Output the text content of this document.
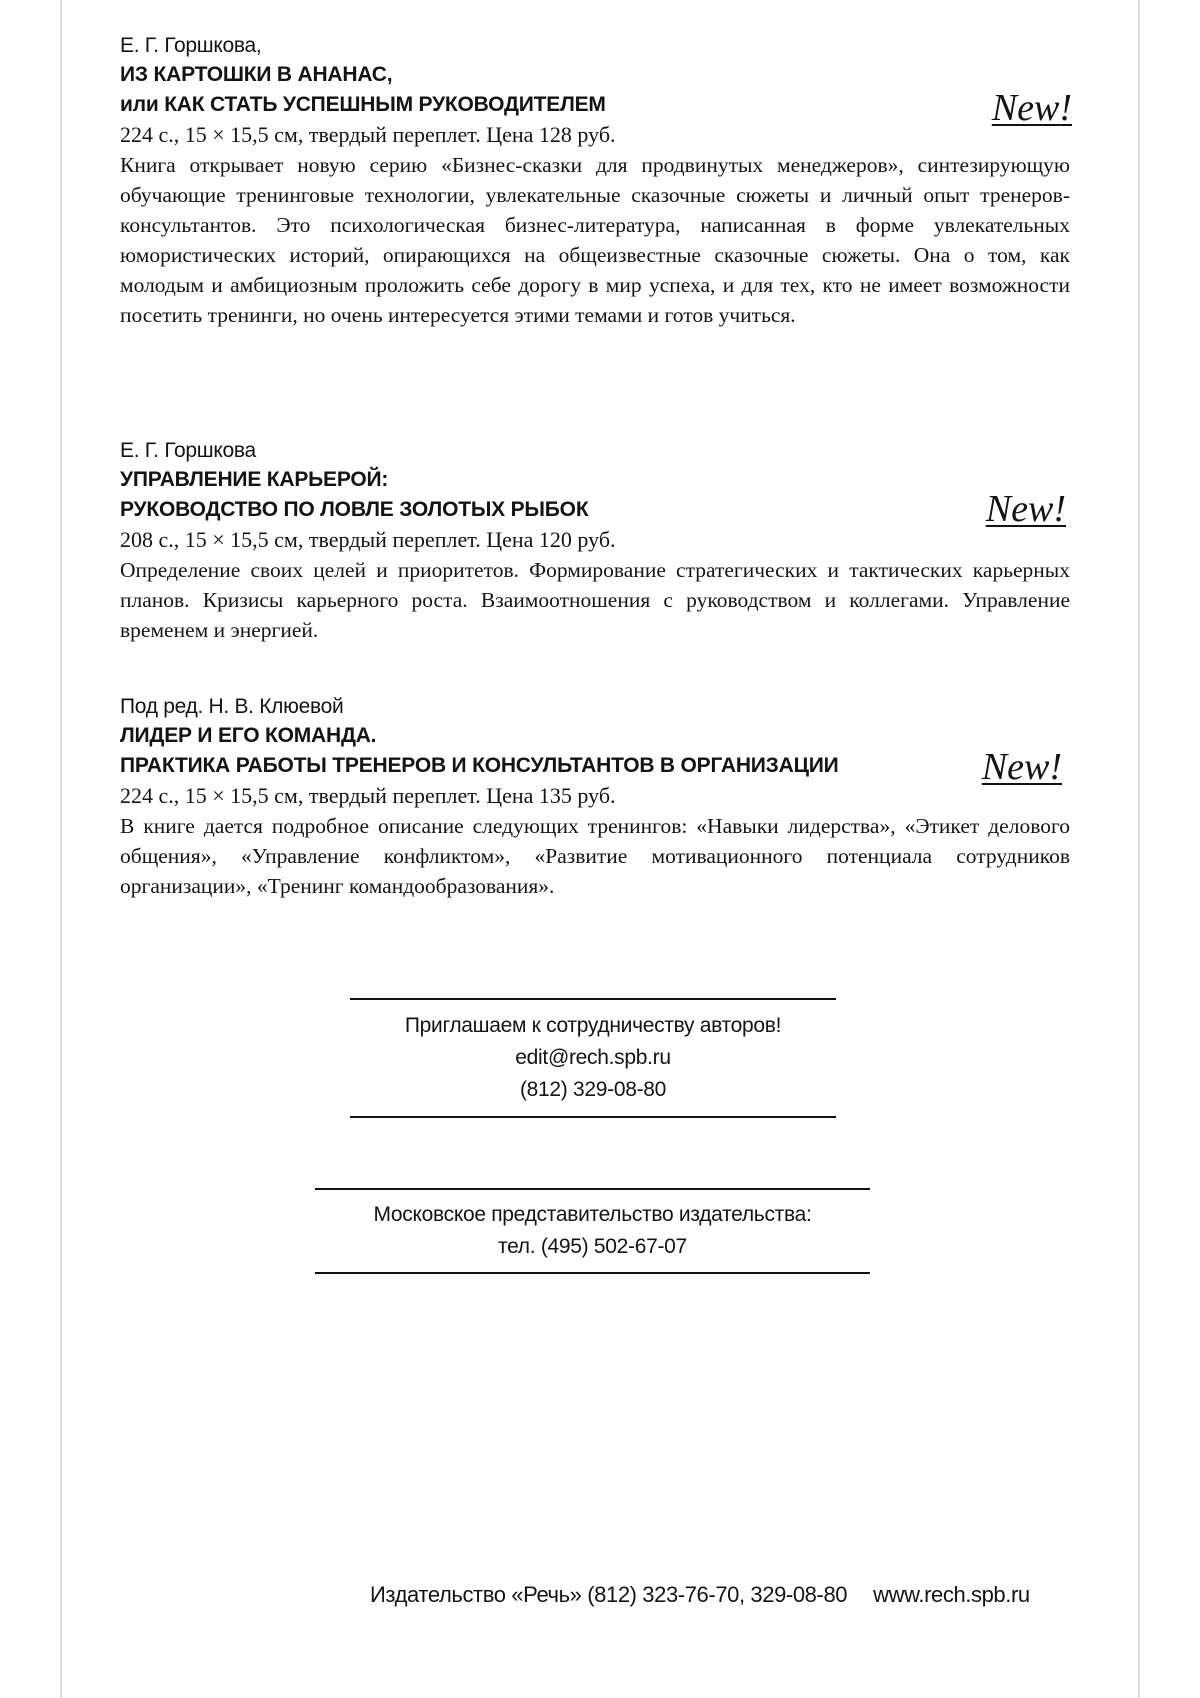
Е. Г. Горшкова,
ИЗ КАРТОШКИ В АНАНАС,
или КАК СТАТЬ УСПЕШНЫМ РУКОВОДИТЕЛЕМ	New!
224 с., 15 × 15,5 см, твердый переплет. Цена 128 руб.

Книга открывает новую серию «Бизнес-сказки для продвинутых менеджеров», синтезирующую обучающие тренинговые технологии, увлекательные сказочные сюжеты и личный опыт тренеров-консультантов. Это психологическая бизнес-литература, написанная в форме увлекательных юмористических историй, опирающихся на общеизвестные сказочные сюжеты. Она о том, как молодым и амбициозным проложить себе дорогу в мир успеха, и для тех, кто не имеет возможности посетить тренинги, но очень интересуется этими темами и готов учиться.

Е. Г. Горшкова
УПРАВЛЕНИЕ КАРЬЕРОЙ:
РУКОВОДСТВО ПО ЛОВЛЕ ЗОЛОТЫХ РЫБОК	New!
208 с., 15 × 15,5 см, твердый переплет. Цена 120 руб.

Определение своих целей и приоритетов. Формирование стратегических и тактических карьерных планов. Кризисы карьерного роста. Взаимоотношения с руководством и коллегами. Управление временем и энергией.

Под ред. Н. В. Клюевой
ЛИДЕР И ЕГО КОМАНДА.
ПРАКТИКА РАБОТЫ ТРЕНЕРОВ И КОНСУЛЬТАНТОВ В ОРГАНИЗАЦИИ	New!
224 с., 15 × 15,5 см, твердый переплет. Цена 135 руб.

В книге дается подробное описание следующих тренингов: «Навыки лидерства», «Этикет делового общения», «Управление конфликтом», «Развитие мотивационного потенциала сотрудников организации», «Тренинг командообразования».

Приглашаем к сотрудничеству авторов!
edit@rech.spb.ru
(812) 329-08-80
Московское представительство издательства:
тел. (495) 502-67-07
Издательство «Речь» (812) 323-76-70, 329-08-80 www.rech.spb.ru
